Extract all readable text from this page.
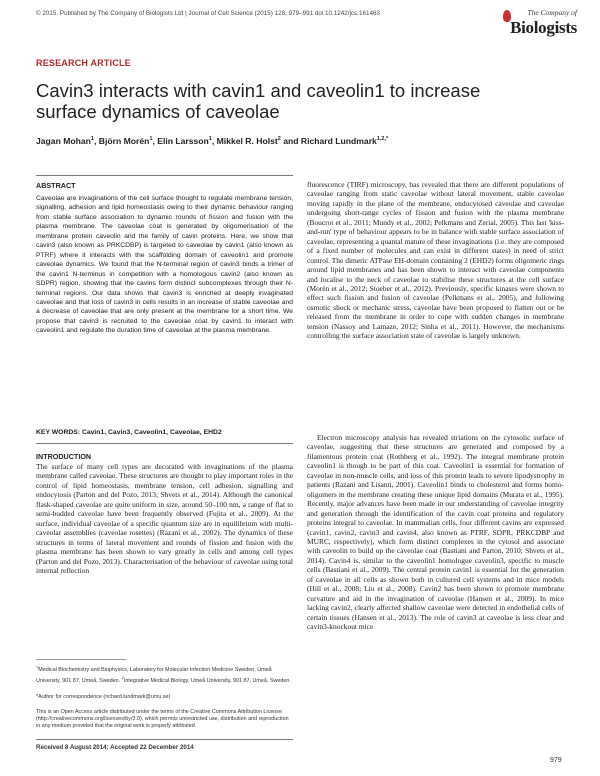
© 2015. Published by The Company of Biologists Ltd | Journal of Cell Science (2015) 128, 979–991 doi:10.1242/jcs.161463	The Company of
Biologists
RESEARCH ARTICLE
Cavin3 interacts with cavin1 and caveolin1 to increase surface dynamics of caveolae
Jagan Mohan$^1$, Björn Morén$^1$, Elin Larsson$^1$, Mikkel R. Holst$^2$ and Richard Lundmark$^{1,2,*}$
ABSTRACT

Caveolae are invaginations of the cell surface thought to regulate membrane tension, signalling, adhesion and lipid homeostasis owing to their dynamic behaviour ranging from stable surface association to dynamic rounds of fission and fusion with the plasma membrane. The caveolae coat is generated by oligomerisation of the membrane protein caveolin and the family of cavin proteins. Here, we show that cavin3 (also known as PRKCDBP) is targeted to caveolae by cavin1 (also known as PTRF) where it interacts with the scaffolding domain of caveolin1 and promote caveolae dynamics. We found that the N-terminal region of cavin3 binds a trimer of the cavin1 N-terminus in competition with a homologous cavin2 (also known as SDPR) region, showing that the cavins form distinct subcomplexes through their N-terminal regions. Our data shows that cavin3 is enriched at deeply invaginated caveolae and that loss of cavin3 in cells results in an increase of stable caveolae and a decrease of caveolae that are only present at the membrane for a short time. We propose that cavin3 is recruited to the caveolae coat by cavin1 to interact with caveolin1 and regulate the duration time of caveolae at the plasma membrane.

KEY WORDS: Cavin1, Cavin3, Caveolin1, Caveolae, EHD2

INTRODUCTION

The surface of many cell types are decorated with invaginations of the plasma membrane called caveolae. These structures are thought to play important roles in the control of lipid homeostasis, membrane tension, cell adhesion, signalling and endocytosis (Parton and del Pozo, 2013; Shvets et al., 2014). Although the canonical flask-shaped caveolae are quite uniform in size, around 50–100 nm, a range of flat to semi-budded caveolae have been frequently observed (Fujita et al., 2009). At the surface, individual caveolae of a specific quantum size are in equilibrium with multi-caveolar assemblies (caveolae rosettes) (Razani et al., 2002). The dynamics of these structures in terms of lateral movement and rounds of fission and fusion with the plasma membrane has been shown to vary greatly in cells and among cell types (Parton and del Pozo, 2013). Characterisation of the behaviour of caveolae using total internal reflection

$^1$Medical Biochemistry and Biophysics, Laboratory for Molecular Infection Medicine Sweden, Umeå University, 901 87, Umeå, Sweden. $^2$Integrative Medical Biology, Umeå University, 901 87, Umeå, Sweden.

*Author for correspondence (richard.lundmark@umu.se)

This is an Open Access article distributed under the terms of the Creative Commons Attribution License (http://creativecommons.org/licenses/by/3.0), which permits unrestricted use, distribution and reproduction in any medium provided that the original work is properly attributed.

Received 8 August 2014; Accepted 22 December 2014

fluorescence (TIRF) microscopy, has revealed that there are different populations of caveolae ranging from static caveolae without lateral movement, stable caveolae moving rapidly in the plane of the membrane, endocytosed caveolae and caveolae undergoing short-range cycles of fission and fusion with the plasma membrane (Boucrot et al., 2011; Mundy et al., 2002; Pelkmans and Zerial, 2005). This last 'kiss-and-run' type of behaviour appears to be in balance with stable surface association of caveolae, representing a quantal mature of these invaginations (i.e. they are composed of a fixed number of molecules and can exist in different states) in need of strict control. The dimeric ATPase EH-domain containing 2 (EHD2) forms oligomeric rings around lipid membranes and has been shown to interact with caveolae components and localise to the neck of caveolae to stabilise these structures at the cell surface (Morén et al., 2012; Stoeber et al., 2012). Previously, specific kinases were shown to effect such fission and fusion of caveolae (Pelkmans et al., 2005), and following osmotic shock or mechanic stress, caveolae have been proposed to flatten out or be released from the membrane in order to cope with sudden changes in membrane tension (Nassoy and Lamaze, 2012; Sinha et al., 2011). However, the mechanisms controlling the surface association state of caveolae is largely unknown.

Electron microscopy analysis has revealed striations on the cytosolic surface of caveolae, suggesting that these structures are generated and composed by a filamentous protein coat (Rothberg et al., 1992). The integral membrane protein caveolin1 is though to be part of this coat. Caveolin1 is essential for formation of caveolae in non-muscle cells, and loss of this protein leads to severe lipodystrophy in patients (Razani and Lisanti, 2001). Caveolin1 binds to cholesterol and forms homo-oligomers in the membrane creating these unique lipid domains (Murata et al., 1995). Recently, major advances have been made in our understanding of caveolae integrity and generation through the identification of the cavin coat proteins and regulatory proteins integral to caveolae. In mammalian cells, four different cavins are expressed (cavin1, cavin2, cavin3 and cavin4, also known as PTRF, SDPR, PRKCDBP and MURC, respectively), which form distinct complexes in the cytosol and associate with caveolin to build up the caveolae coat (Bastiani and Parton, 2010; Shvets et al., 2014). Cavin4 is, similar to the caveolin1 homologue caveolin3, specific to muscle cells (Bastiani et al., 2009). The central protein cavin1 is essential for the generation of caveolae in all cells as shown both in cultured cell systems and in mice models (Hill et al., 2008; Liu et al., 2008). Cavin2 has been shown to promote membrane curvature and aid in the invagination of caveolae (Hansen et al., 2009). In mice lacking cavin2, clearly affected shallow caveolae were detected in endothelial cells of certain tissues (Hansen et al., 2013). The role of cavin3 at caveolae is less clear and cavin3-knockout mice

979
